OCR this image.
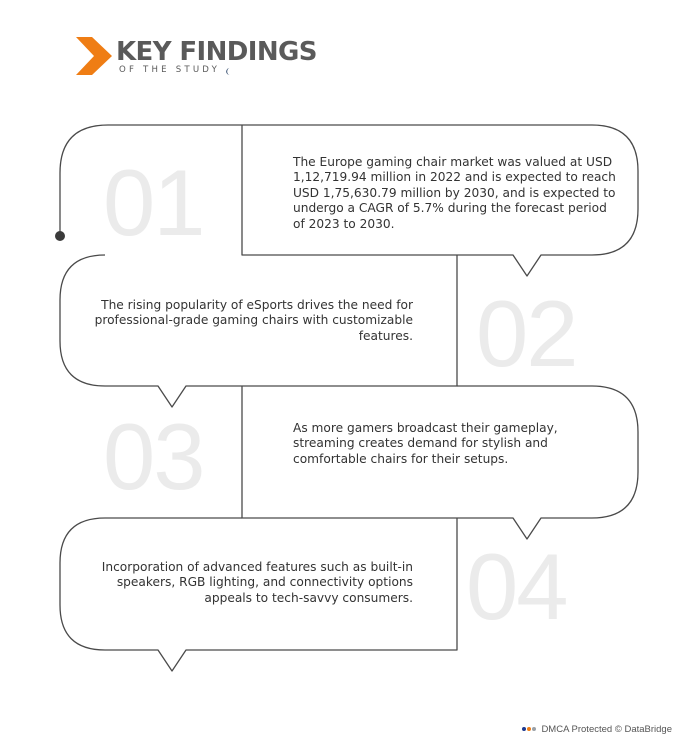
KEY FINDINGS
OF THE STUDY
01
02
03
04
The Europe gaming chair market was valued at USD 1,12,719.94 million in 2022 and is expected to reach USD 1,75,630.79 million by 2030, and is expected to undergo a CAGR of 5.7% during the forecast period of 2023 to 2030.
The rising popularity of eSports drives the need for professional-grade gaming chairs with customizable features.
As more gamers broadcast their gameplay, streaming creates demand for stylish and comfortable chairs for their setups.
Incorporation of advanced features such as built-in speakers, RGB lighting, and connectivity options appeals to tech-savvy consumers.
DMCA Protected © DataBridge
